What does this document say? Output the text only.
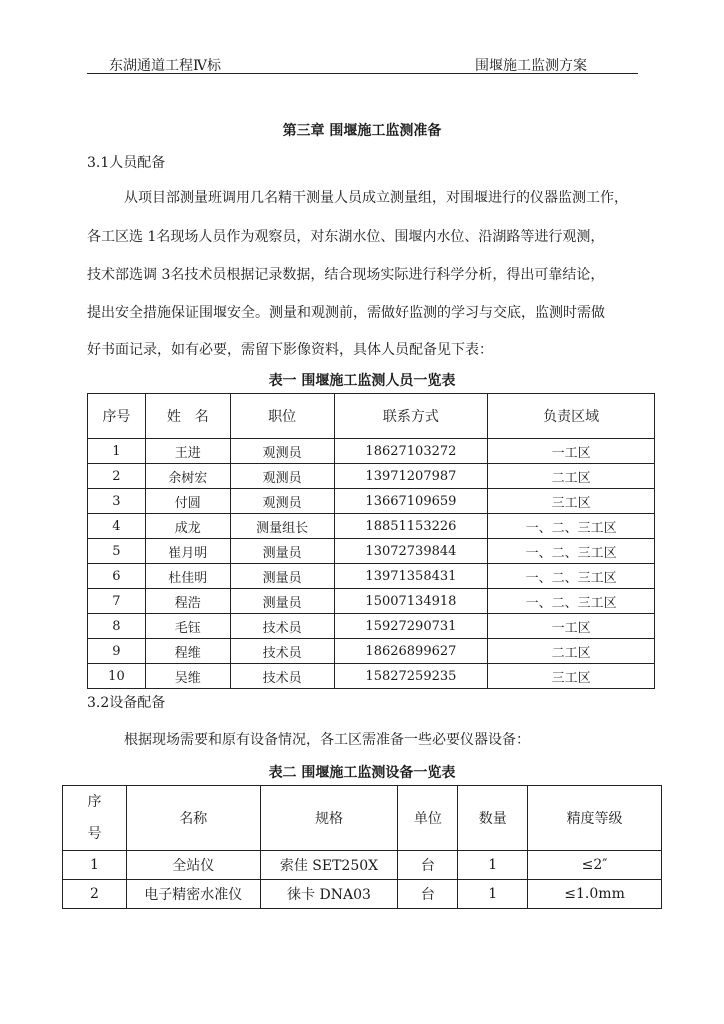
东湖通道工程Ⅳ标	围堰施工监测方案
第三章 围堰施工监测准备
3.1人员配备
从项目部测量班调用几名精干测量人员成立测量组，对围堰进行的仪器监测工作，
各工区选 1名现场人员作为观察员，对东湖水位、围堰内水位、沿湖路等进行观测，
技术部选调 3名技术员根据记录数据，结合现场实际进行科学分析，得出可靠结论，
提出安全措施保证围堰安全。测量和观测前，需做好监测的学习与交底，监测时需做
好书面记录，如有必要，需留下影像资料，具体人员配备见下表：
表一 围堰施工监测人员一览表
序号	姓　名	职位	联系方式	负责区域
1	王进	观测员	18627103272	一工区
2	余树宏	观测员	13971207987	二工区
3	付圆	观测员	13667109659	三工区
4	成龙	测量组长	18851153226	一、二、三工区
5	崔月明	测量员	13072739844	一、二、三工区
6	杜佳明	测量员	13971358431	一、二、三工区
7	程浩	测量员	15007134918	一、二、三工区
8	毛钰	技术员	15927290731	一工区
9	程维	技术员	18626899627	二工区
10	吴维	技术员	15827259235	三工区
3.2设备配备
根据现场需要和原有设备情况，各工区需准备一些必要仪器设备：
表二 围堰施工监测设备一览表
序
号	名称	规格	单位	数量	精度等级
1	全站仪	索佳 SET250X	台	1	≤2″
2	电子精密水准仪	徕卡 DNA03	台	1	≤1.0mm
